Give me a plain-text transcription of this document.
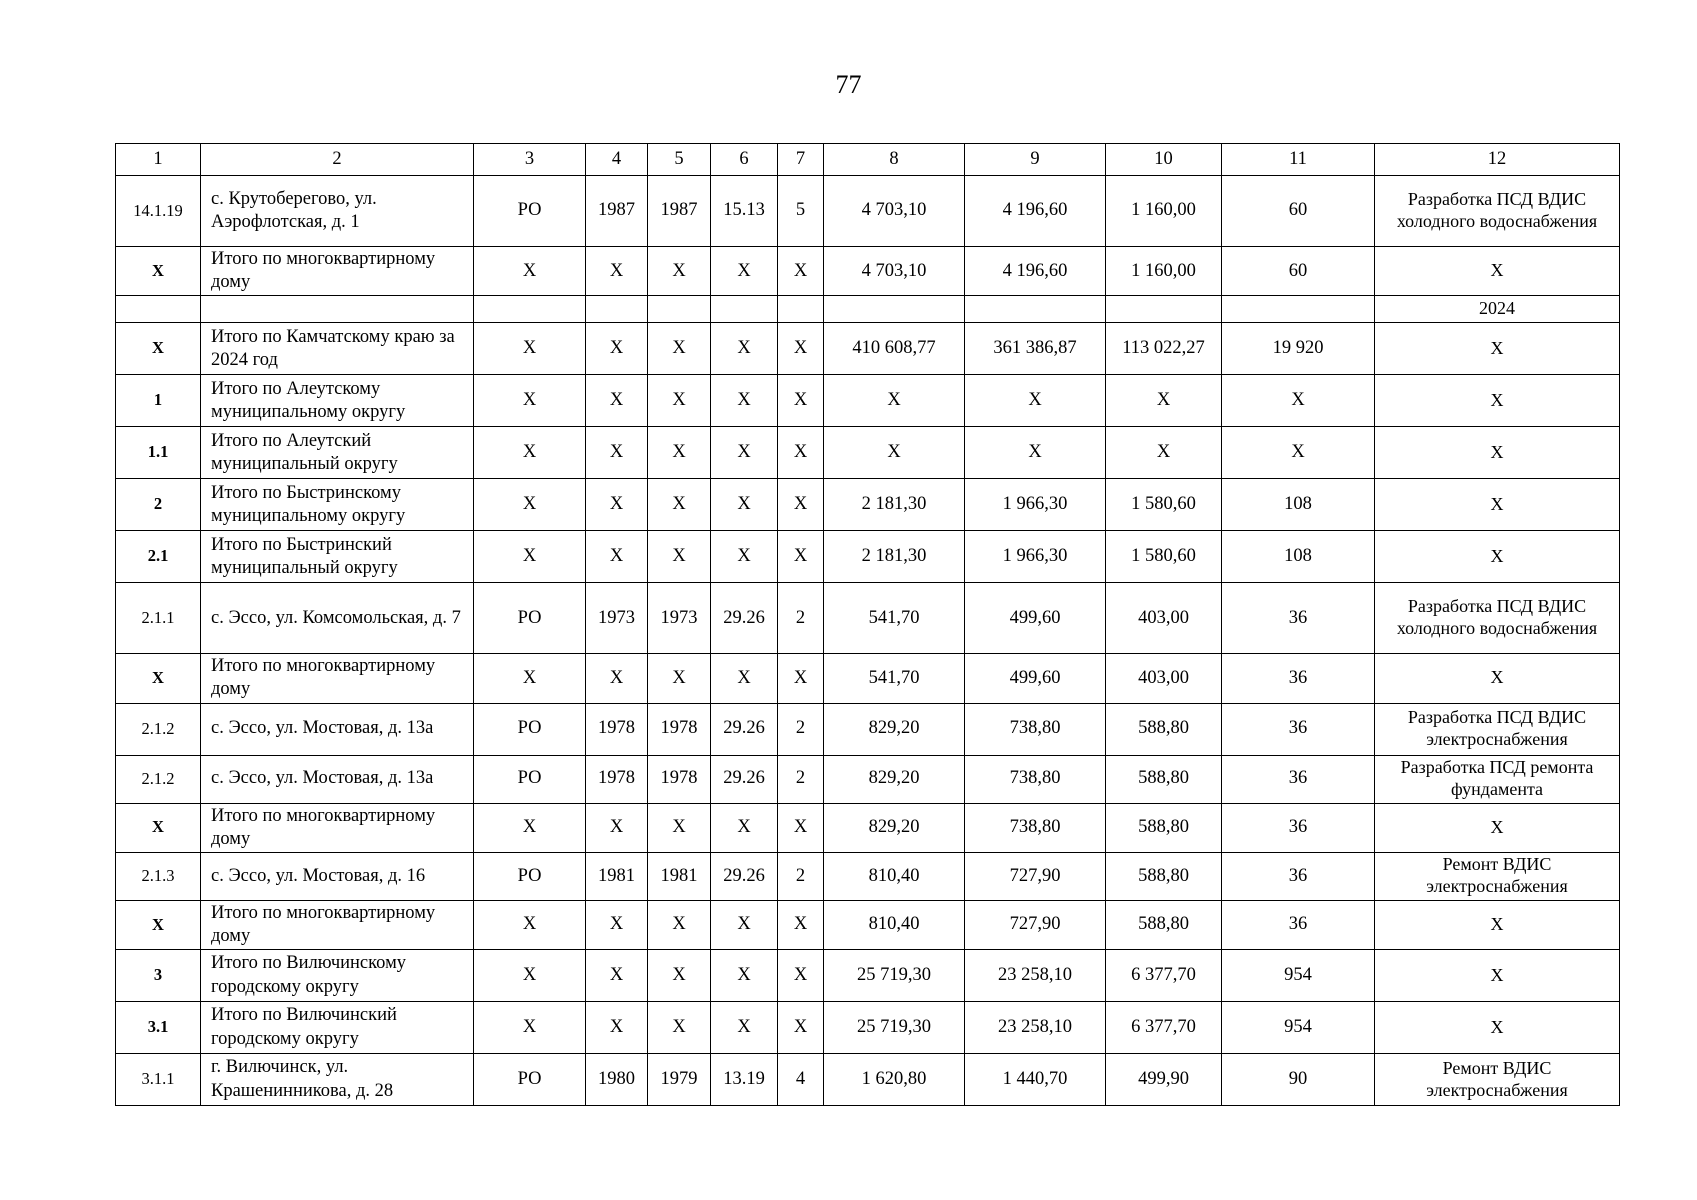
77
1	2	3	4	5	6	7	8	9	10	11	12
14.1.19	с. Крутоберегово, ул. Аэрофлотская, д. 1	РО	1987	1987	15.13	5	4 703,10	4 196,60	1 160,00	60	Разработка ПСД ВДИС холодного водоснабжения
Х	Итого по многоквартирному дому	Х	Х	Х	Х	Х	4 703,10	4 196,60	1 160,00	60	Х
											2024
Х	Итого по Камчатскому краю за 2024 год	Х	Х	Х	Х	Х	410 608,77	361 386,87	113 022,27	19 920	Х
1	Итого по Алеутскому муниципальному округу	Х	Х	Х	Х	Х	Х	Х	Х	Х	Х
1.1	Итого по Алеутский муниципальный округу	Х	Х	Х	Х	Х	Х	Х	Х	Х	Х
2	Итого по Быстринскому муниципальному округу	Х	Х	Х	Х	Х	2 181,30	1 966,30	1 580,60	108	Х
2.1	Итого по Быстринский муниципальный округу	Х	Х	Х	Х	Х	2 181,30	1 966,30	1 580,60	108	Х
2.1.1	с. Эссо, ул. Комсомольская, д. 7	РО	1973	1973	29.26	2	541,70	499,60	403,00	36	Разработка ПСД ВДИС холодного водоснабжения
Х	Итого по многоквартирному дому	Х	Х	Х	Х	Х	541,70	499,60	403,00	36	Х
2.1.2	с. Эссо, ул. Мостовая, д. 13а	РО	1978	1978	29.26	2	829,20	738,80	588,80	36	Разработка ПСД ВДИС электроснабжения
2.1.2	с. Эссо, ул. Мостовая, д. 13а	РО	1978	1978	29.26	2	829,20	738,80	588,80	36	Разработка ПСД ремонта фундамента
Х	Итого по многоквартирному дому	Х	Х	Х	Х	Х	829,20	738,80	588,80	36	Х
2.1.3	с. Эссо, ул. Мостовая, д. 16	РО	1981	1981	29.26	2	810,40	727,90	588,80	36	Ремонт ВДИС электроснабжения
Х	Итого по многоквартирному дому	Х	Х	Х	Х	Х	810,40	727,90	588,80	36	Х
3	Итого по Вилючинскому городскому округу	Х	Х	Х	Х	Х	25 719,30	23 258,10	6 377,70	954	Х
3.1	Итого по Вилючинский городскому округу	Х	Х	Х	Х	Х	25 719,30	23 258,10	6 377,70	954	Х
3.1.1	г. Вилючинск, ул. Крашенинникова, д. 28	РО	1980	1979	13.19	4	1 620,80	1 440,70	499,90	90	Ремонт ВДИС электроснабжения
